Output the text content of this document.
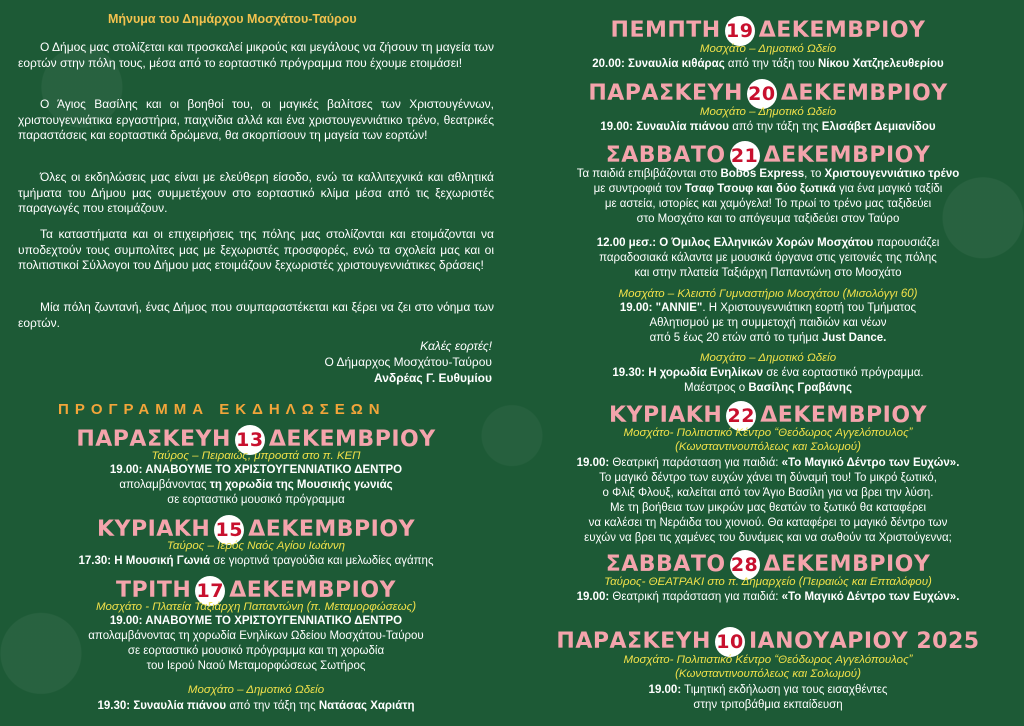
Μήνυμα του Δημάρχου Μοσχάτου-Ταύρου
Ο Δήμος μας στολίζεται και προσκαλεί μικρούς και μεγάλους να ζήσουν τη μαγεία των εορτών στην πόλη τους, μέσα από το εορταστικό πρόγραμμα που έχουμε ετοιμάσει!
Ο Άγιος Βασίλης και οι βοηθοί του, οι μαγικές βαλίτσες των Χριστουγέννων, χριστουγεννιάτικα εργαστήρια, παιχνίδια αλλά και ένα χριστουγεννιάτικο τρένο, θεατρικές παραστάσεις και εορταστικά δρώμενα, θα σκορπίσουν τη μαγεία των εορτών!
Όλες οι εκδηλώσεις μας είναι με ελεύθερη είσοδο, ενώ τα καλλιτεχνικά και αθλητικά τμήματα του Δήμου μας συμμετέχουν στο εορταστικό κλίμα μέσα από τις ξεχωριστές παραγωγές που ετοιμάζουν.
Τα καταστήματα και οι επιχειρήσεις της πόλης μας στολίζονται και ετοιμάζονται να υποδεχτούν τους συμπολίτες μας με ξεχωριστές προσφορές, ενώ τα σχολεία μας και οι πολιτιστικοί Σύλλογοι του Δήμου μας ετοιμάζουν ξεχωριστές χριστουγεννιάτικες δράσεις!
Μία πόλη ζωντανή, ένας Δήμος που συμπαραστέκεται και ξέρει να ζει στο νόημα των εορτών.
Καλές εορτές!
Ο Δήμαρχος Μοσχάτου-Ταύρου
Ανδρέας Γ. Ευθυμίου
ΠΡΟΓΡΑΜΜΑ ΕΚΔΗΛΩΣΕΩΝ
ΠΑΡΑΣΚΕΥΗ 13 ΔΕΚΕΜΒΡΙΟΥ
Ταύρος – Πειραιώς, μπροστά στο π. ΚΕΠ
19.00: ΑΝΑΒΟΥΜΕ ΤΟ ΧΡΙΣΤΟΥΓΕΝΝΙΑΤΙΚΟ ΔΕΝΤΡΟ
απολαμβάνοντας τη χορωδία της Μουσικής γωνιάς
σε εορταστικό μουσικό πρόγραμμα
ΚΥΡΙΑΚΗ 15 ΔΕΚΕΜΒΡΙΟΥ
Ταύρος – Ιερός Ναός Αγίου Ιωάννη
17.30: Η Μουσική Γωνιά σε γιορτινά τραγούδια και μελωδίες αγάπης
ΤΡΙΤΗ 17 ΔΕΚΕΜΒΡΙΟΥ
Μοσχάτο - Πλατεία Ταξιάρχη Παπαντώνη (π. Μεταμορφώσεως)
19.00: ΑΝΑΒΟΥΜΕ ΤΟ ΧΡΙΣΤΟΥΓΕΝΝΙΑΤΙΚΟ ΔΕΝΤΡΟ
απολαμβάνοντας τη χορωδία Ενηλίκων Ωδείου Μοσχάτου-Ταύρου
σε εορταστικό μουσικό πρόγραμμα και τη χορωδία
του Ιερού Ναού Μεταμορφώσεως Σωτήρος
Μοσχάτο – Δημοτικό Ωδείο
19.30: Συναυλία πιάνου από την τάξη της Νατάσας Χαριάτη
ΠΕΜΠΤΗ 19 ΔΕΚΕΜΒΡΙΟΥ
Μοσχάτο – Δημοτικό Ωδείο
20.00: Συναυλία κιθάρας από την τάξη του Νίκου Χατζηελευθερίου
ΠΑΡΑΣΚΕΥΗ 20 ΔΕΚΕΜΒΡΙΟΥ
Μοσχάτο – Δημοτικό Ωδείο
19.00: Συναυλία πιάνου από την τάξη της Ελισάβετ Δεμιανίδου
ΣΑΒΒΑΤΟ 21 ΔΕΚΕΜΒΡΙΟΥ
Τα παιδιά επιβιβάζονται στο Bobos Express, το Χριστουγεννιάτικο τρένο
με συντροφιά τον Τσαφ Τσουφ και δύο ξωτικά για ένα μαγικό ταξίδι
με αστεία, ιστορίες και χαμόγελα! Το πρωί το τρένο μας ταξιδεύει
στο Μοσχάτο και το απόγευμα ταξιδεύει στον Ταύρο
12.00 μεσ.: Ο Όμιλος Ελληνικών Χορών Μοσχάτου παρουσιάζει
παραδοσιακά κάλαντα με μουσικά όργανα στις γειτονιές της πόλης
και στην πλατεία Ταξιάρχη Παπαντώνη στο Μοσχάτο
Μοσχάτο – Κλειστό Γυμναστήριο Μοσχάτου (Μισολόγγι 60)
19.00: "ANNIE". Η Χριστουγεννιάτικη εορτή του Τμήματος
Αθλητισμού με τη συμμετοχή παιδιών και νέων
από 5 έως 20 ετών από το τμήμα Just Dance.
Μοσχάτο – Δημοτικό Ωδείο
19.30: Η χορωδία Ενηλίκων σε ένα εορταστικό πρόγραμμα.
Μαέστρος ο Βασίλης Γραβάνης
ΚΥΡΙΑΚΗ 22 ΔΕΚΕΜΒΡΙΟΥ
Μοσχάτο- Πολιτιστικό Κέντρο “Θεόδωρος Αγγελόπουλος”
(Κωνσταντινουπόλεως και Σολωμού)
19.00: Θεατρική παράσταση για παιδιά: «Το Μαγικό Δέντρο των Ευχών».
Το μαγικό δέντρο των ευχών χάνει τη δύναμή του! Το μικρό ξωτικό,
ο Φλιξ Φλουξ, καλείται από τον Άγιο Βασίλη για να βρει την λύση.
Με τη βοήθεια των μικρών μας θεατών το ξωτικό θα καταφέρει
να καλέσει τη Νεράιδα του χιονιού. Θα καταφέρει το μαγικό δέντρο των
ευχών να βρει τις χαμένες του δυνάμεις και να σωθούν τα Χριστούγεννα;
ΣΑΒΒΑΤΟ 28 ΔΕΚΕΜΒΡΙΟΥ
Ταύρος- ΘΕΑΤΡΑΚΙ στο π. Δημαρχείο (Πειραιώς και Επταλόφου)
19.00: Θεατρική παράσταση για παιδιά: «Το Μαγικό Δέντρο των Ευχών».
ΠΑΡΑΣΚΕΥΗ 10 ΙΑΝΟΥΑΡΙΟΥ 2025
Μοσχάτο- Πολιτιστικό Κέντρο “Θεόδωρος Αγγελόπουλος”
(Κωνσταντινουπόλεως και Σολωμού)
19.00: Τιμητική εκδήλωση για τους εισαχθέντες
στην τριτοβάθμια εκπαίδευση
